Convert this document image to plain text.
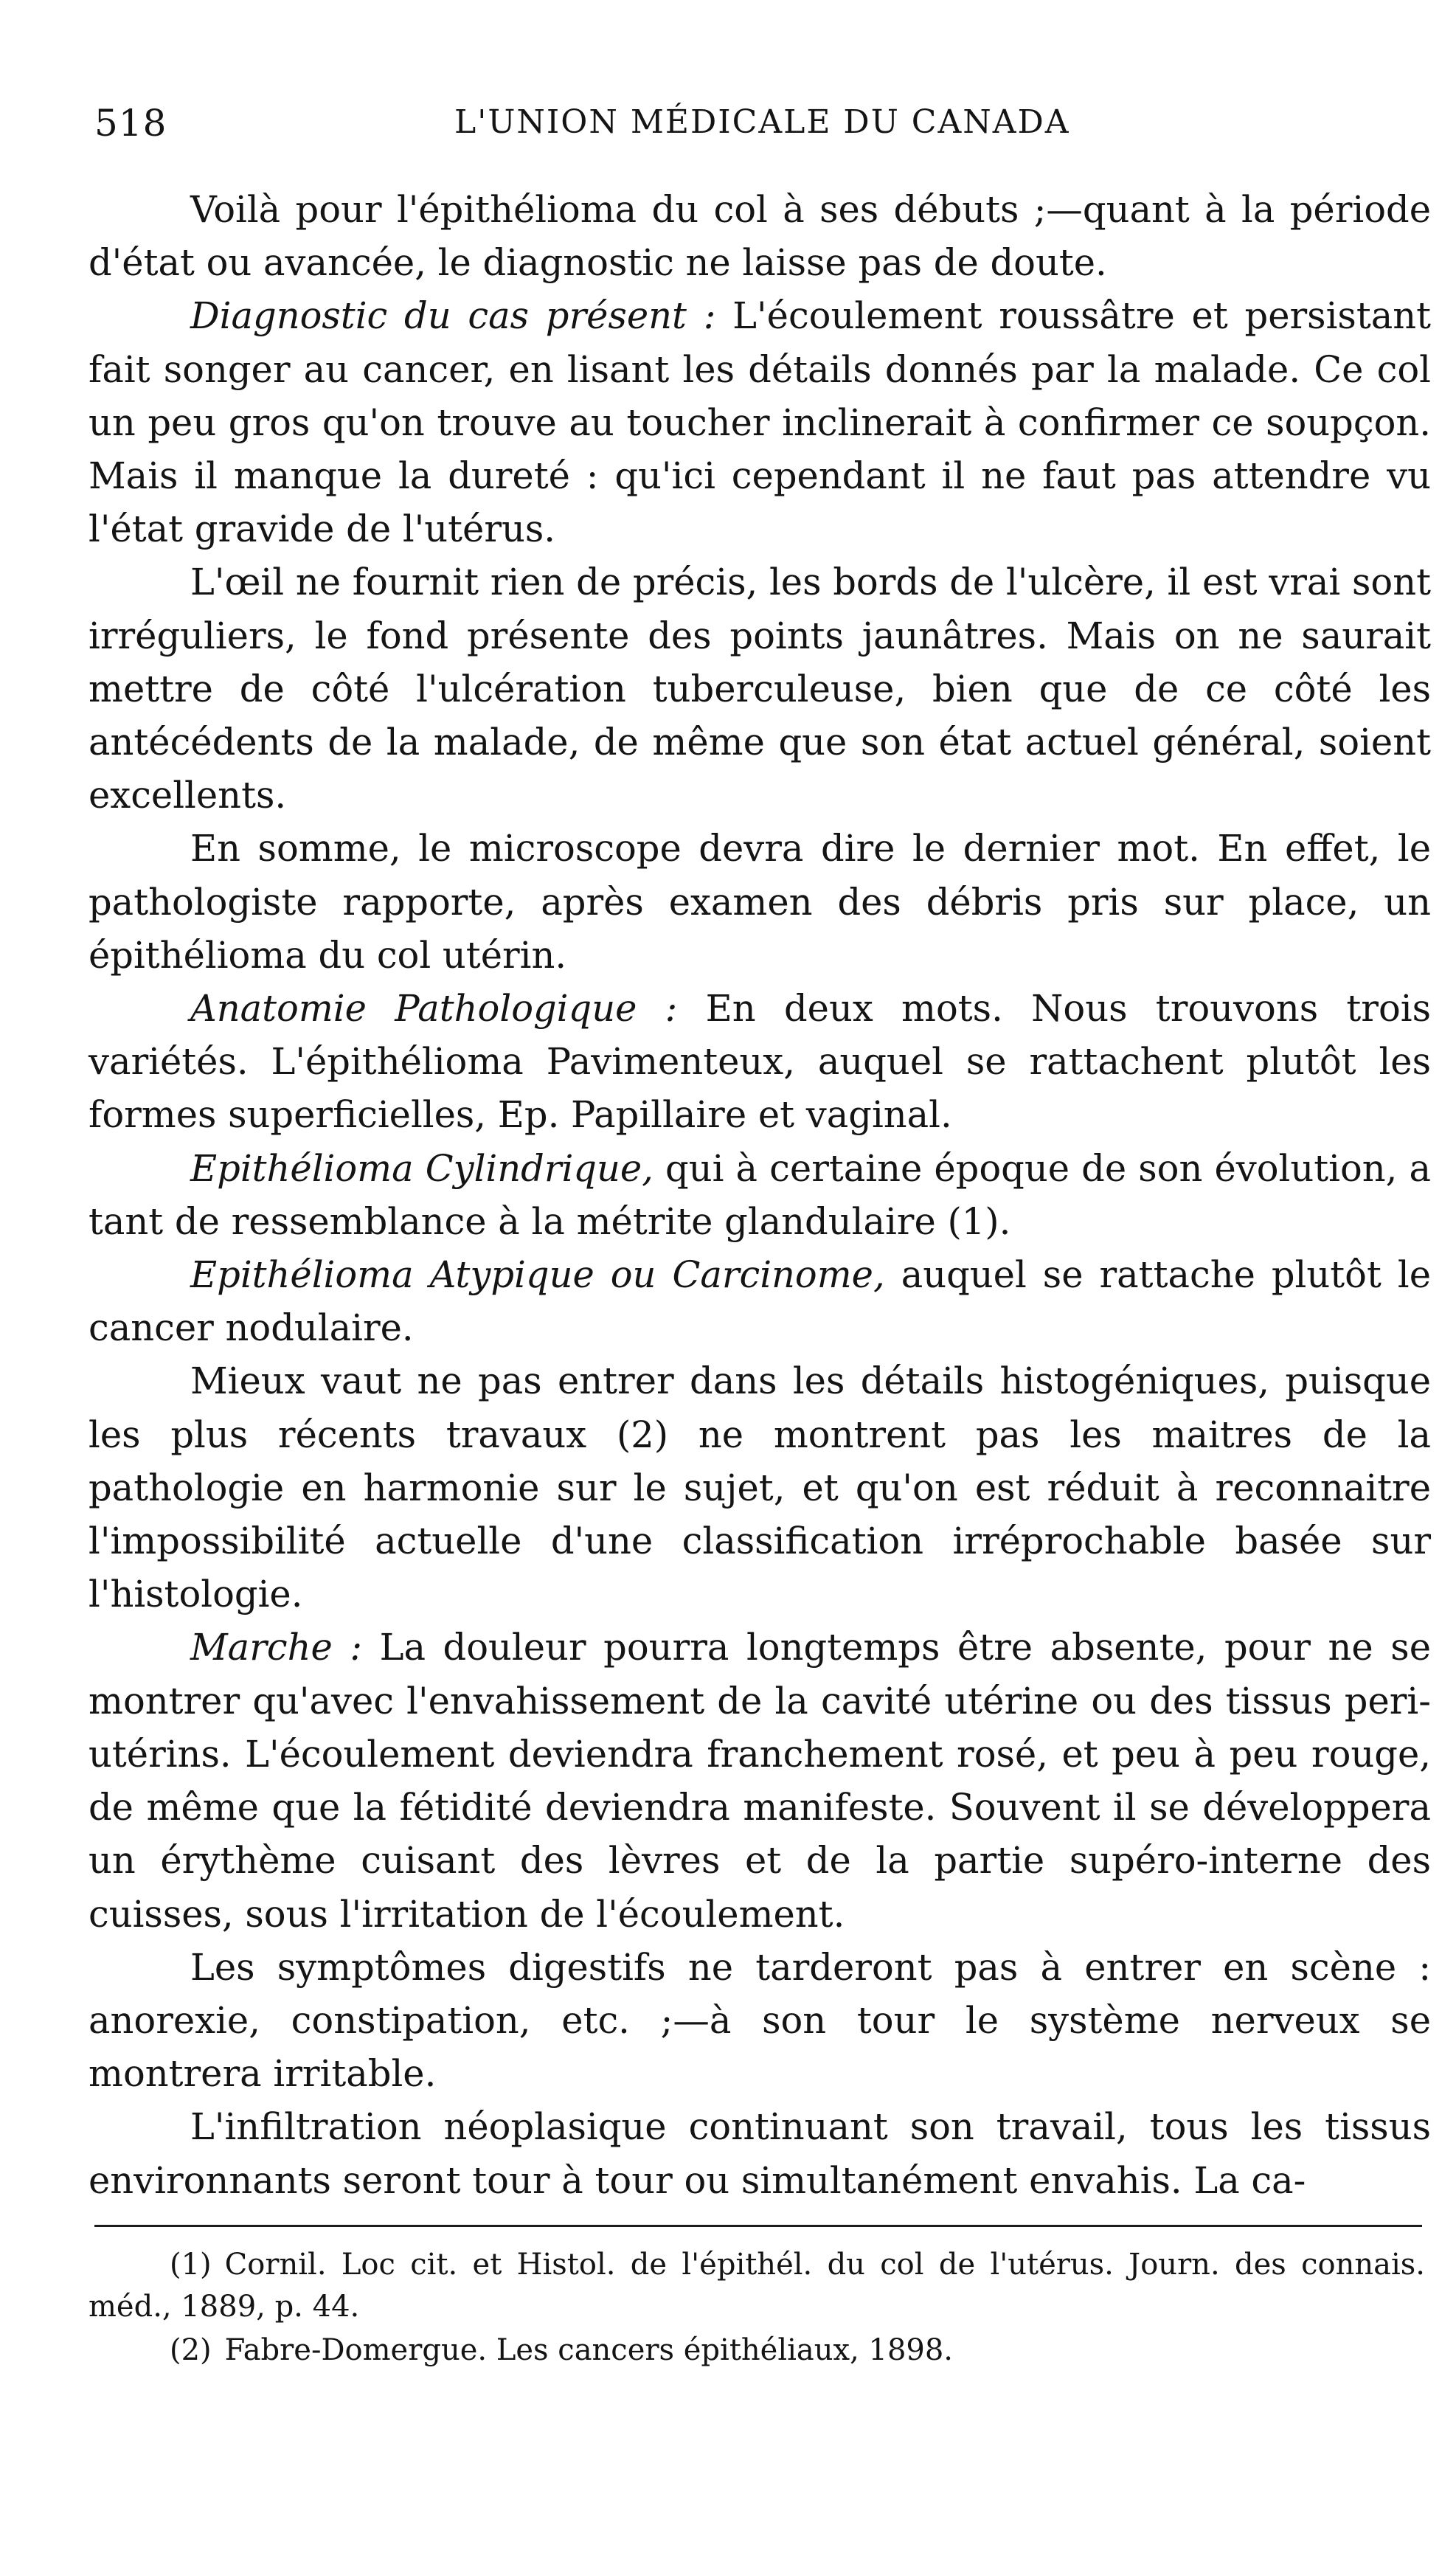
518	L'UNION MÉDICALE DU CANADA

Voilà pour l'épithélioma du col à ses débuts ;—quant à la période d'état ou avancée, le diagnostic ne laisse pas de doute.

Diagnostic du cas présent : L'écoulement roussâtre et persistant fait songer au cancer, en lisant les détails donnés par la malade. Ce col un peu gros qu'on trouve au toucher inclinerait à confirmer ce soupçon. Mais il manque la dureté : qu'ici cependant il ne faut pas attendre vu l'état gravide de l'utérus.

L'œil ne fournit rien de précis, les bords de l'ulcère, il est vrai sont irréguliers, le fond présente des points jaunâtres. Mais on ne saurait mettre de côté l'ulcération tuberculeuse, bien que de ce côté les antécédents de la malade, de même que son état actuel général, soient excellents.

En somme, le microscope devra dire le dernier mot. En effet, le pathologiste rapporte, après examen des débris pris sur place, un épithélioma du col utérin.

Anatomie Pathologique : En deux mots. Nous trouvons trois variétés. L'épithélioma Pavimenteux, auquel se rattachent plutôt les formes superficielles, Ep. Papillaire et vaginal.

Epithélioma Cylindrique, qui à certaine époque de son évolution, a tant de ressemblance à la métrite glandulaire (1).

Epithélioma Atypique ou Carcinome, auquel se rattache plutôt le cancer nodulaire.

Mieux vaut ne pas entrer dans les détails histogéniques, puisque les plus récents travaux (2) ne montrent pas les maitres de la pathologie en harmonie sur le sujet, et qu'on est réduit à reconnaitre l'impossibilité actuelle d'une classification irréprochable basée sur l'histologie.

Marche : La douleur pourra longtemps être absente, pour ne se montrer qu'avec l'envahissement de la cavité utérine ou des tissus peri-utérins. L'écoulement deviendra franchement rosé, et peu à peu rouge, de même que la fétidité deviendra manifeste. Souvent il se développera un érythème cuisant des lèvres et de la partie supéro-interne des cuisses, sous l'irritation de l'écoulement.

Les symptômes digestifs ne tarderont pas à entrer en scène : anorexie, constipation, etc. ;—à son tour le système nerveux se montrera irritable.

L'infiltration néoplasique continuant son travail, tous les tissus environnants seront tour à tour ou simultanément envahis. La ca-

(1) Cornil. Loc cit. et Histol. de l'épithél. du col de l'utérus. Journ. des connais. méd., 1889, p. 44.

(2) Fabre-Domergue. Les cancers épithéliaux, 1898.
